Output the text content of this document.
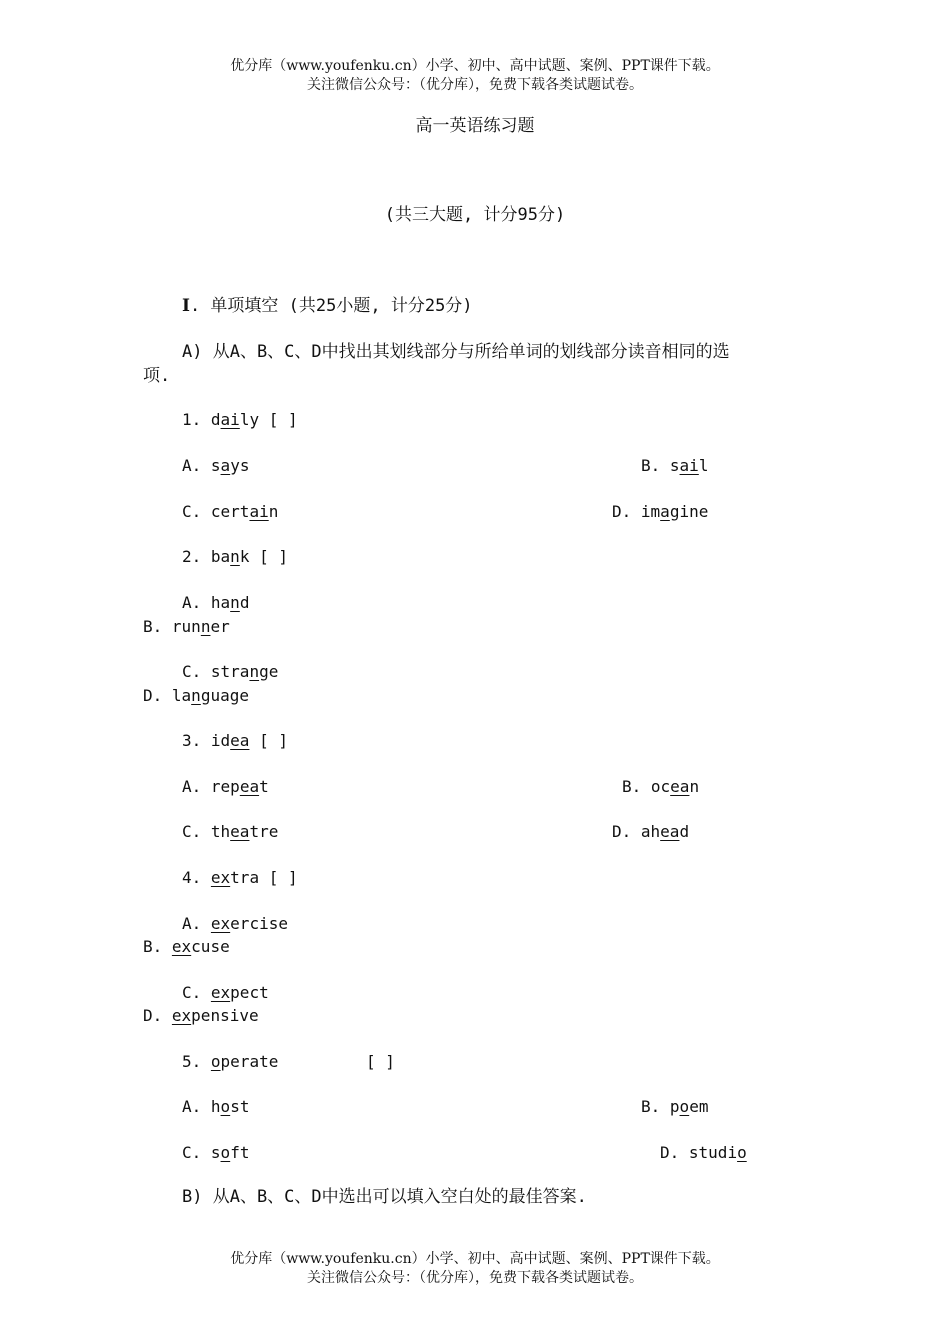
优分库（www.youfenku.cn）小学、初中、高中试题、案例、PPT课件下载。
关注微信公众号：（优分库），免费下载各类试题试卷。
高一英语练习题
(共三大题, 计分95分)
I. 单项填空 (共25小题, 计分25分)
A) 从A、B、C、D中找出其划线部分与所给单词的划线部分读音相同的选
项.
1. daily [ ]
A. says	B. sail
C. certain	D. imagine
2. bank [ ]
A. hand
B. runner
C. strange
D. language
3. idea [ ]
A. repeat	B. ocean
C. theatre	D. ahead
4. extra [ ]
A. exercise
B. excuse
C. expect
D. expensive
5. operate	[ ]
A. host	B. poem
C. soft	D. studio
B) 从A、B、C、D中选出可以填入空白处的最佳答案.
优分库（www.youfenku.cn）小学、初中、高中试题、案例、PPT课件下载。
关注微信公众号：（优分库），免费下载各类试题试卷。
